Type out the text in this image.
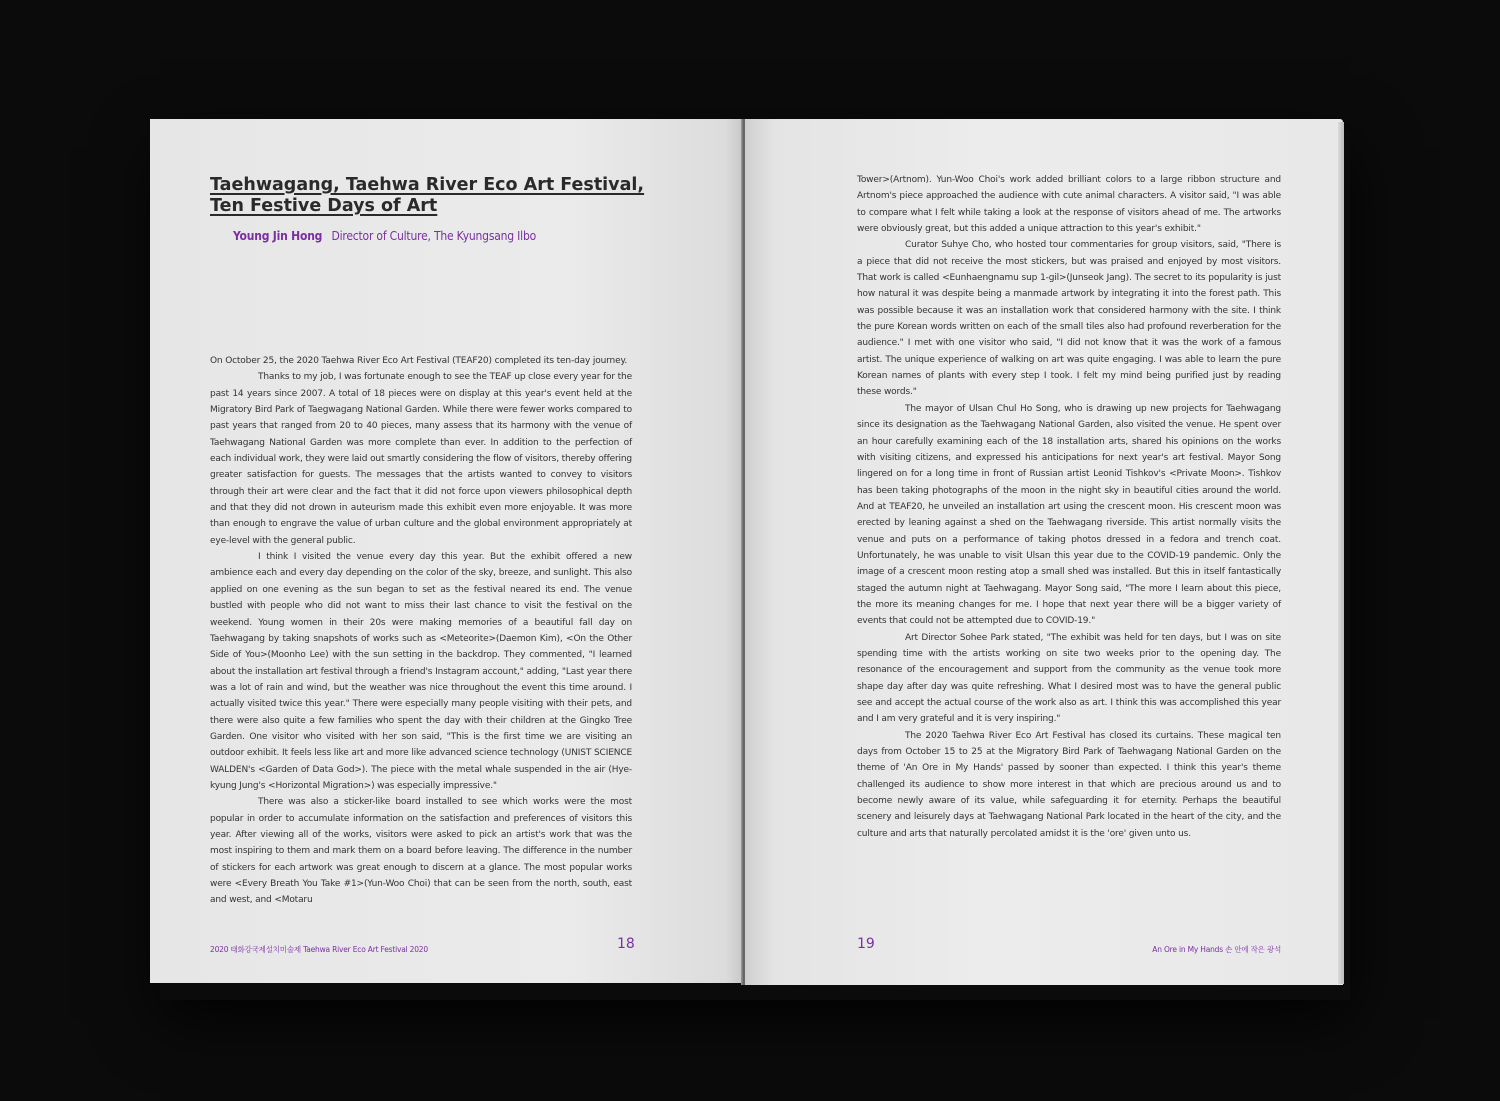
Taehwagang, Taehwa River Eco Art Festival,
Ten Festive Days of Art
Young Jin Hong Director of Culture, The Kyungsang Ilbo

On October 25, the 2020 Taehwa River Eco Art Festival (TEAF20) completed its ten-day journey.

Thanks to my job, I was fortunate enough to see the TEAF up close every year for the past 14 years since 2007. A total of 18 pieces were on display at this year's event held at the Migratory Bird Park of Taegwagang National Garden. While there were fewer works compared to past years that ranged from 20 to 40 pieces, many assess that its harmony with the venue of Taehwagang National Garden was more complete than ever. In addition to the perfection of each individual work, they were laid out smartly considering the flow of visitors, thereby offering greater satisfaction for guests. The messages that the artists wanted to convey to visitors through their art were clear and the fact that it did not force upon viewers philosophical depth and that they did not drown in auteurism made this exhibit even more enjoyable. It was more than enough to engrave the value of urban culture and the global environment appropriately at eye-level with the general public.

I think I visited the venue every day this year. But the exhibit offered a new ambience each and every day depending on the color of the sky, breeze, and sunlight. This also applied on one evening as the sun began to set as the festival neared its end. The venue bustled with people who did not want to miss their last chance to visit the festival on the weekend. Young women in their 20s were making memories of a beautiful fall day on Taehwagang by taking snapshots of works such as <Meteorite>(Daemon Kim), <On the Other Side of You>(Moonho Lee) with the sun setting in the backdrop. They commented, "I learned about the installation art festival through a friend's Instagram account," adding, "Last year there was a lot of rain and wind, but the weather was nice throughout the event this time around. I actually visited twice this year." There were especially many people visiting with their pets, and there were also quite a few families who spent the day with their children at the Gingko Tree Garden. One visitor who visited with her son said, "This is the first time we are visiting an outdoor exhibit. It feels less like art and more like advanced science technology (UNIST SCIENCE WALDEN's <Garden of Data God>). The piece with the metal whale suspended in the air (Hye-kyung Jung's <Horizontal Migration>) was especially impressive."

There was also a sticker-like board installed to see which works were the most popular in order to accumulate information on the satisfaction and preferences of visitors this year. After viewing all of the works, visitors were asked to pick an artist's work that was the most inspiring to them and mark them on a board before leaving. The difference in the number of stickers for each artwork was great enough to discern at a glance. The most popular works were <Every Breath You Take #1>(Yun-Woo Choi) that can be seen from the north, south, east and west, and <Motaru

2020 태화강국제설치미술제 Taehwa River Eco Art Festival 2020	18

Tower>(Artnom). Yun-Woo Choi's work added brilliant colors to a large ribbon structure and Artnom's piece approached the audience with cute animal characters. A visitor said, "I was able to compare what I felt while taking a look at the response of visitors ahead of me. The artworks were obviously great, but this added a unique attraction to this year's exhibit."

Curator Suhye Cho, who hosted tour commentaries for group visitors, said, "There is a piece that did not receive the most stickers, but was praised and enjoyed by most visitors. That work is called <Eunhaengnamu sup 1-gil>(Junseok Jang). The secret to its popularity is just how natural it was despite being a manmade artwork by integrating it into the forest path. This was possible because it was an installation work that considered harmony with the site. I think the pure Korean words written on each of the small tiles also had profound reverberation for the audience." I met with one visitor who said, "I did not know that it was the work of a famous artist. The unique experience of walking on art was quite engaging. I was able to learn the pure Korean names of plants with every step I took. I felt my mind being purified just by reading these words."

The mayor of Ulsan Chul Ho Song, who is drawing up new projects for Taehwagang since its designation as the Taehwagang National Garden, also visited the venue. He spent over an hour carefully examining each of the 18 installation arts, shared his opinions on the works with visiting citizens, and expressed his anticipations for next year's art festival. Mayor Song lingered on for a long time in front of Russian artist Leonid Tishkov's <Private Moon>. Tishkov has been taking photographs of the moon in the night sky in beautiful cities around the world. And at TEAF20, he unveiled an installation art using the crescent moon. His crescent moon was erected by leaning against a shed on the Taehwagang riverside. This artist normally visits the venue and puts on a performance of taking photos dressed in a fedora and trench coat. Unfortunately, he was unable to visit Ulsan this year due to the COVID-19 pandemic. Only the image of a crescent moon resting atop a small shed was installed. But this in itself fantastically staged the autumn night at Taehwagang. Mayor Song said, "The more I learn about this piece, the more its meaning changes for me. I hope that next year there will be a bigger variety of events that could not be attempted due to COVID-19."

Art Director Sohee Park stated, "The exhibit was held for ten days, but I was on site spending time with the artists working on site two weeks prior to the opening day. The resonance of the encouragement and support from the community as the venue took more shape day after day was quite refreshing. What I desired most was to have the general public see and accept the actual course of the work also as art. I think this was accomplished this year and I am very grateful and it is very inspiring."

The 2020 Taehwa River Eco Art Festival has closed its curtains. These magical ten days from October 15 to 25 at the Migratory Bird Park of Taehwagang National Garden on the theme of 'An Ore in My Hands' passed by sooner than expected. I think this year's theme challenged its audience to show more interest in that which are precious around us and to become newly aware of its value, while safeguarding it for eternity. Perhaps the beautiful scenery and leisurely days at Taehwagang National Park located in the heart of the city, and the culture and arts that naturally percolated amidst it is the 'ore' given unto us.

19	An Ore in My Hands 손 안에 작은 광석
